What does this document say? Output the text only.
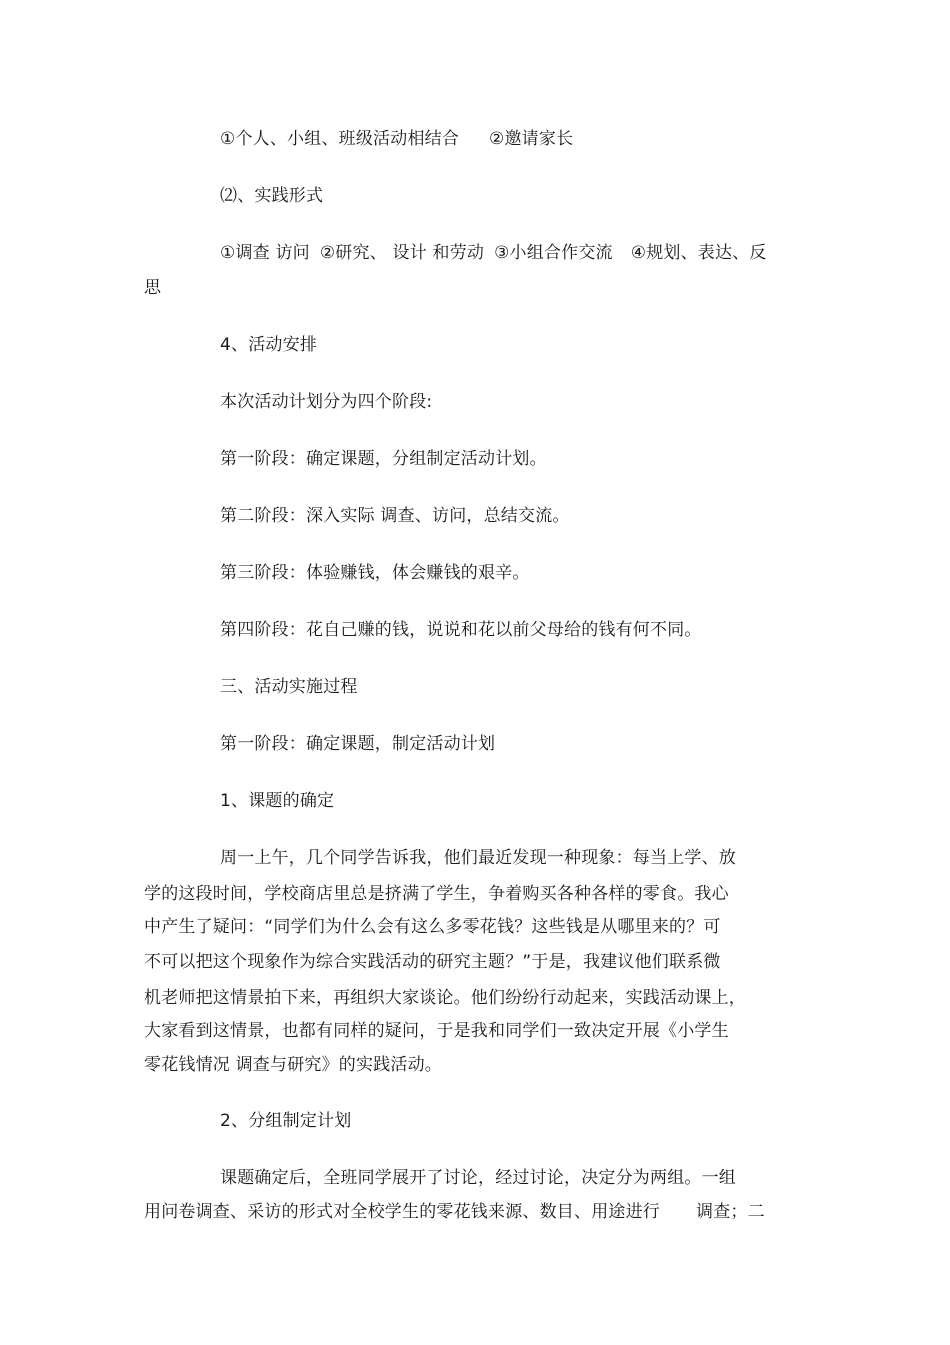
①个人、小组、班级活动相结合 ②邀请家长
⑵、实践形式
①调查 访问 ②研究、 设计 和劳动 ③小组合作交流 ④规划、表达、反
思
4、活动安排
本次活动计划分为四个阶段:
第一阶段：确定课题，分组制定活动计划。
第二阶段：深入实际 调查、访问，总结交流。
第三阶段：体验赚钱，体会赚钱的艰辛。
第四阶段：花自己赚的钱，说说和花以前父母给的钱有何不同。
三、活动实施过程
第一阶段：确定课题，制定活动计划
1、课题的确定
周一上午，几个同学告诉我，他们最近发现一种现象：每当上学、放
学的这段时间，学校商店里总是挤满了学生，争着购买各种各样的零食。我心
中产生了疑问：“同学们为什么会有这么多零花钱？这些钱是从哪里来的？可
不可以把这个现象作为综合实践活动的研究主题？”于是，我建议他们联系微
机老师把这情景拍下来，再组织大家谈论。他们纷纷行动起来，实践活动课上，
大家看到这情景，也都有同样的疑问，于是我和同学们一致决定开展《小学生
零花钱情况 调查与研究》的实践活动。
2、分组制定计划
课题确定后，全班同学展开了讨论，经过讨论，决定分为两组。一组
用问卷调查、采访的形式对全校学生的零花钱来源、数目、用途进行 调查；二
